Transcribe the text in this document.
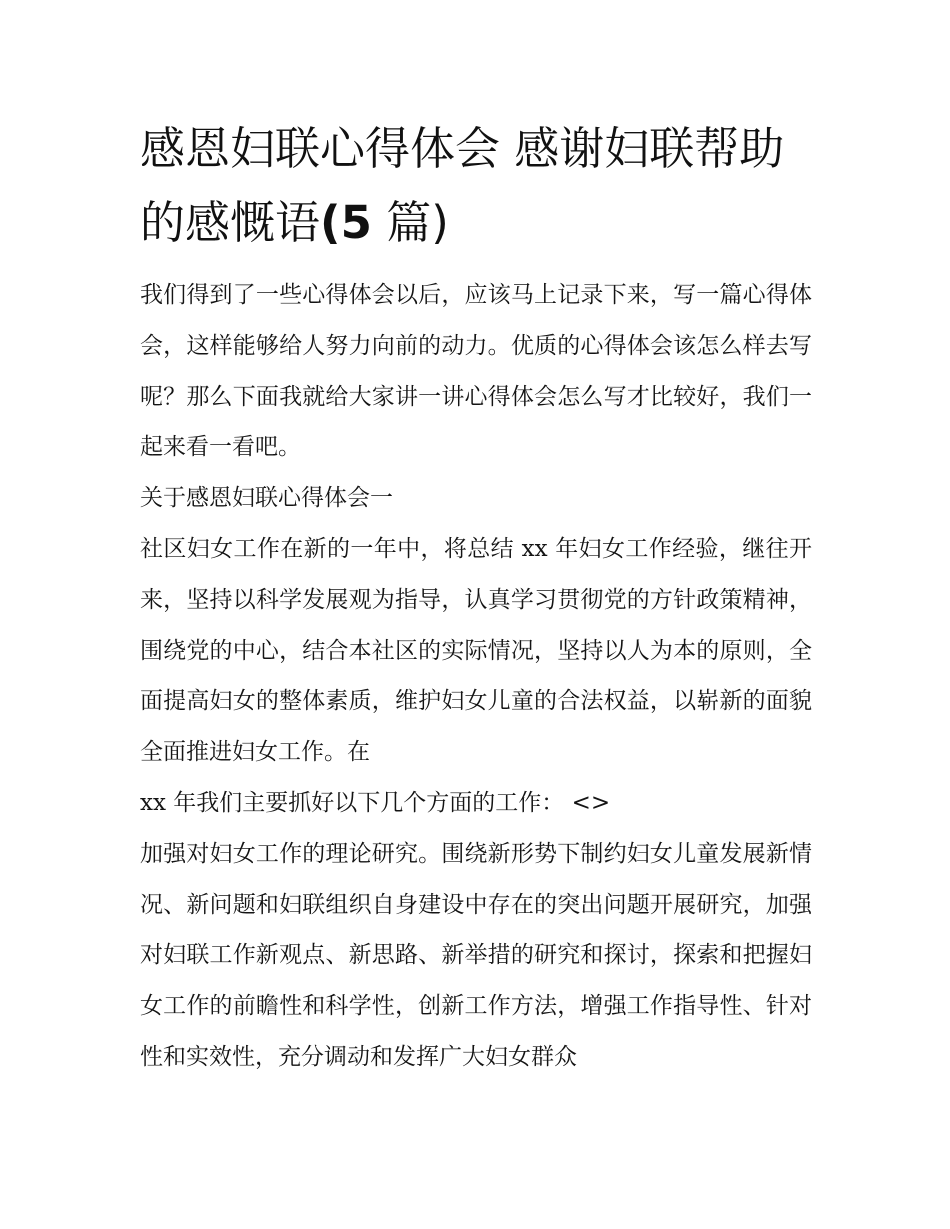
感恩妇联心得体会 感谢妇联帮助的感慨语(5 篇)

我们得到了一些心得体会以后，应该马上记录下来，写一篇心得体会，这样能够给人努力向前的动力。优质的心得体会该怎么样去写呢？那么下面我就给大家讲一讲心得体会怎么写才比较好，我们一起来看一看吧。

关于感恩妇联心得体会一

社区妇女工作在新的一年中，将总结 xx 年妇女工作经验，继往开来，坚持以科学发展观为指导，认真学习贯彻党的方针政策精神，围绕党的中心，结合本社区的实际情况，坚持以人为本的原则，全面提高妇女的整体素质，维护妇女儿童的合法权益，以崭新的面貌全面推进妇女工作。在

xx 年我们主要抓好以下几个方面的工作： <>

加强对妇女工作的理论研究。围绕新形势下制约妇女儿童发展新情况、新问题和妇联组织自身建设中存在的突出问题开展研究，加强对妇联工作新观点、新思路、新举措的研究和探讨，探索和把握妇女工作的前瞻性和科学性，创新工作方法，增强工作指导性、针对性和实效性，充分调动和发挥广大妇女群众
